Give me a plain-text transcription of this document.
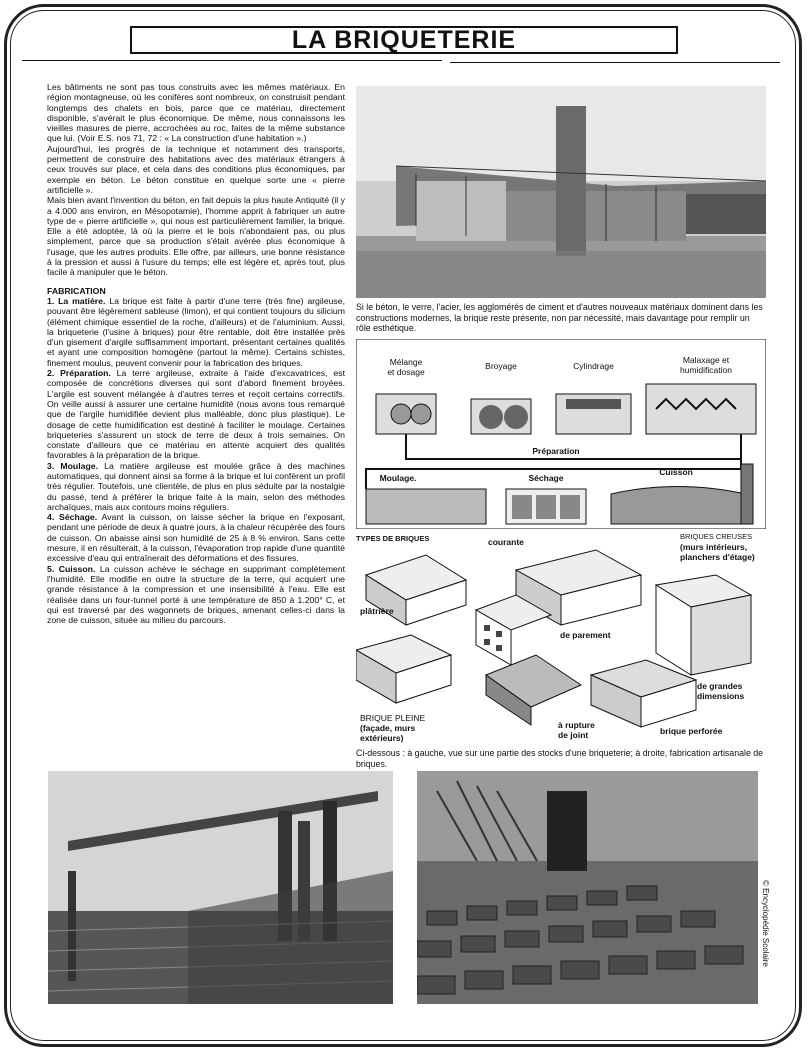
LA BRIQUETERIE

Les bâtiments ne sont pas tous construits avec les mêmes matériaux. En région montagneuse, où les conifères sont nombreux, on construisit pendant longtemps des chalets en bois, parce que ce matériau, directement disponible, s'avérait le plus économique. De même, nous connaissons les vieilles masures de pierre, accrochées au roc, faites de la même substance que lui. (Voir E.S. nos 71, 72 : « La construction d'une habitation ».)

Aujourd'hui, les progrès de la technique et notamment des transports, permettent de construire des habitations avec des matériaux étrangers à ceux trouvés sur place, et cela dans des conditions plus économiques, par exemple en béton. Le béton constitue en quelque sorte une « pierre artificielle ».

Mais bien avant l'invention du béton, en fait depuis la plus haute Antiquité (il y a 4.000 ans environ, en Mésopotamie), l'homme apprit à fabriquer un autre type de « pierre artificielle », qui nous est particulièrement familier, la brique. Elle a été adoptée, là où la pierre et le bois n'abondaient pas, ou plus simplement, parce que sa production s'était avérée plus économique à l'usage, que les autres produits. Elle offre, par ailleurs, une bonne résistance à la pression et aussi à l'usure du temps; elle est légère et, après tout, plus facile à manipuler que le béton.

FABRICATION

1. La matière. La brique est faite à partir d'une terre (très fine) argileuse, pouvant être légèrement sableuse (limon), et qui contient toujours du silicium (élément chimique essentiel de la roche, d'ailleurs) et de l'aluminium. Aussi, la briqueterie (l'usine à briques) pour être rentable, doit être installée près d'un gisement d'argile suffisamment important, présentant certaines qualités et ayant une composition homogène (partout la même). Certains schistes, finement moulus, peuvent convenir pour la fabrication des briques.

2. Préparation. La terre argileuse, extraite à l'aide d'excavatrices, est composée de concrétions diverses qui sont d'abord finement broyées. L'argile est souvent mélangée à d'autres terres et reçoit certains correctifs. On veille aussi à assurer une certaine humidité (nous avons tous remarqué que de l'argile humidifiée devient plus malléable, donc plus plastique). Le dosage de cette humidification est destiné à faciliter le moulage. Certaines briqueteries s'assurent un stock de terre de deux à trois semaines. On constate d'ailleurs que ce matériau en attente acquiert des qualités favorables à la préparation de la brique.

3. Moulage. La matière argileuse est moulée grâce à des machines automatiques, qui donnent ainsi sa forme à la brique et lui confèrent un profil très régulier. Toutefois, une clientèle, de plus en plus séduite par la nostalgie du passé, tend à préférer la brique faite à la main, selon des méthodes archaïques, mais aux contours moins réguliers.

4. Séchage. Avant la cuisson, on laisse sécher la brique en l'exposant, pendant une période de deux à quatre jours, à la chaleur récupérée des fours de cuisson. On abaisse ainsi son humidité de 25 à 8 % environ. Sans cette mesure, il en résulterait, à la cuisson, l'évaporation trop rapide d'une quantité excessive d'eau qui entraînerait des déformations et des fissures.

5. Cuisson. La cuisson achève le séchage en supprimant complètement l'humidité. Elle modifie en outre la structure de la terre, qui acquiert une grande résistance à la compression et une insensibilité à l'eau. Elle est réalisée dans un four-tunnel porté à une température de 850 à 1.200° C, et qui est traversé par des wagonnets de briques, amenant celles-ci dans la zone de cuisson, située au milieu du parcours.

Si le béton, le verre, l'acier, les agglomérés de ciment et d'autres nouveaux matériaux dominent dans les constructions modernes, la brique reste présente, non par nécessité, mais davantage pour remplir un rôle esthétique.
Mélange
et dosage
Broyage	Cylindrage
Malaxage et
humidification
Préparation
Moulage.	Séchage
Cuisson
TYPES DE BRIQUES	BRIQUES CREUSES
(murs intérieurs,
planchers d'étage)
courante
plâtrière
de parement
de grandes
dimensions
BRIQUE PLEINE
(façade, murs
extérieurs)
à rupture
de joint	brique perforée
Ci-dessous : à gauche, vue sur une partie des stocks d'une briqueterie; à droite, fabrication artisanale de briques.
© Encyclopédie Scolaire
